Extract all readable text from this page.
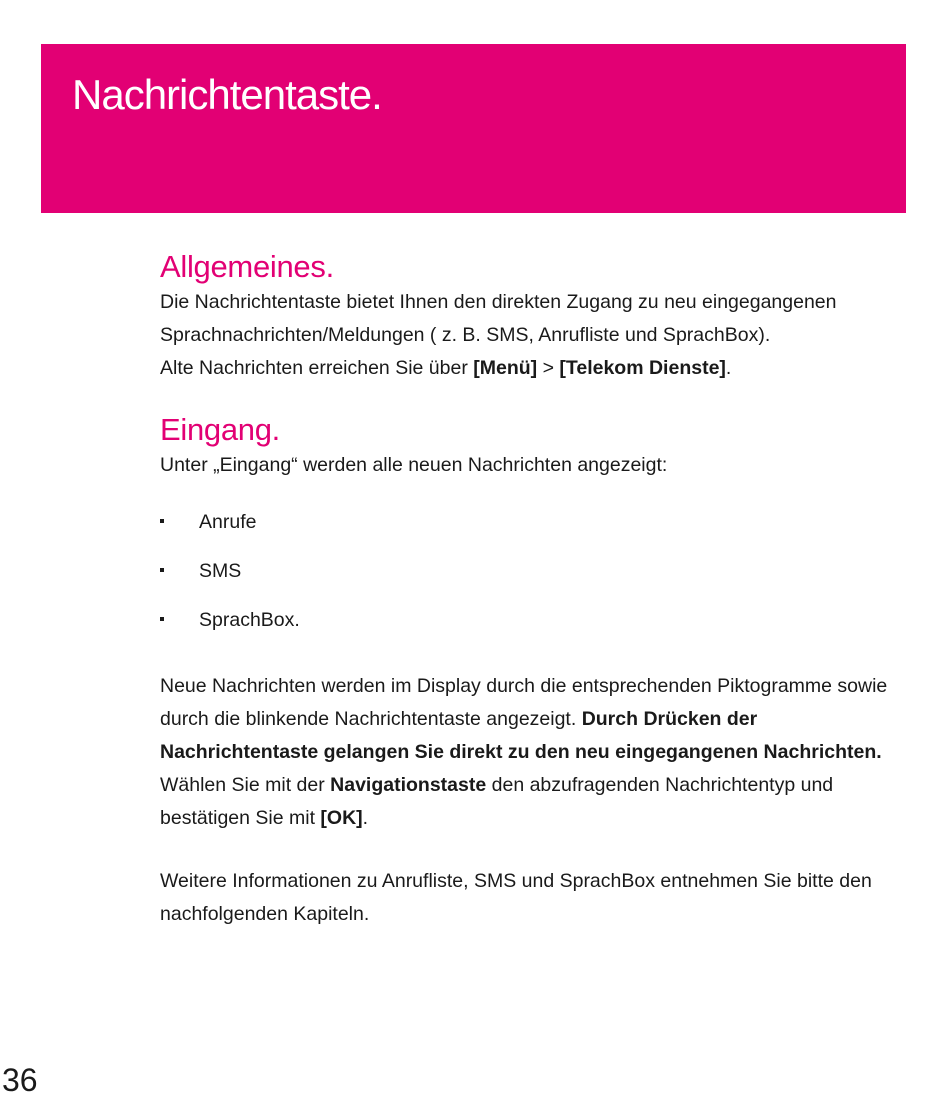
Nachrichtentaste.
Allgemeines.

Die Nachrichtentaste bietet Ihnen den direkten Zugang zu neu eingegangenen Sprachnachrichten/Meldungen ( z. B. SMS, Anrufliste und SprachBox).

Alte Nachrichten erreichen Sie über [Menü] > [Telekom Dienste].

Eingang.

Unter „Eingang“ werden alle neuen Nachrichten angezeigt:

Anrufe
SMS
SprachBox.

Neue Nachrichten werden im Display durch die entsprechenden Piktogramme sowie durch die blinkende Nachrichtentaste angezeigt. Durch Drücken der Nachrichtentaste gelangen Sie direkt zu den neu eingegangenen Nachrichten. Wählen Sie mit der Navigationstaste den abzufragenden Nachrichtentyp und bestätigen Sie mit [OK].

Weitere Informationen zu Anrufliste, SMS und SprachBox entnehmen Sie bitte den nachfolgenden Kapiteln.

36
